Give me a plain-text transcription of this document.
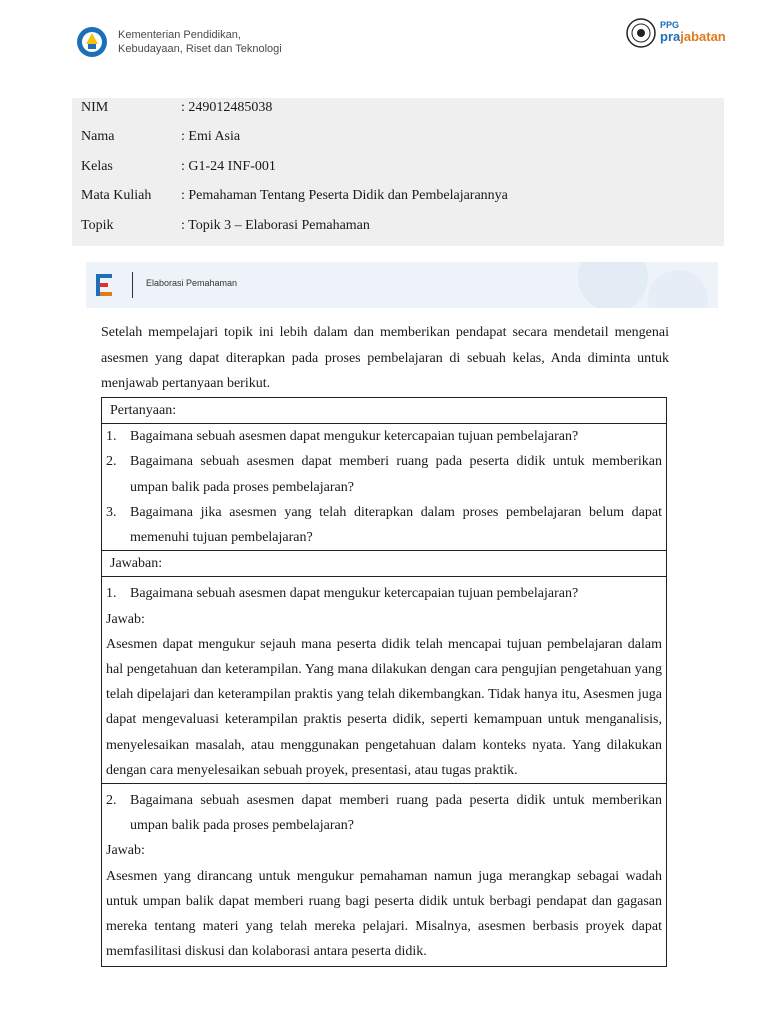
Kementerian Pendidikan,
Kebudayaan, Riset dan Teknologi
PPG
prajabatan
NIM	: 249012485038
Nama	: Emi Asia
Kelas	: G1-24 INF-001
Mata Kuliah : Pemahaman Tentang Peserta Didik dan Pembelajarannya
Topik	: Topik 3 – Elaborasi Pemahaman
Elaborasi Pemahaman

Setelah mempelajari topik ini lebih dalam dan memberikan pendapat secara mendetail mengenai asesmen yang dapat diterapkan pada proses pembelajaran di sebuah kelas, Anda diminta untuk menjawab pertanyaan berikut.

Pertanyaan:
1. Bagaimana sebuah asesmen dapat mengukur ketercapaian tujuan pembelajaran?
2. Bagaimana sebuah asesmen dapat memberi ruang pada peserta didik untuk memberikan umpan balik pada proses pembelajaran?
3. Bagaimana jika asesmen yang telah diterapkan dalam proses pembelajaran belum dapat memenuhi tujuan pembelajaran?
Jawaban:
1. Bagaimana sebuah asesmen dapat mengukur ketercapaian tujuan pembelajaran?
Jawab:

Asesmen dapat mengukur sejauh mana peserta didik telah mencapai tujuan pembelajaran dalam hal pengetahuan dan keterampilan. Yang mana dilakukan dengan cara pengujian pengetahuan yang telah dipelajari dan keterampilan praktis yang telah dikembangkan. Tidak hanya itu, Asesmen juga dapat mengevaluasi keterampilan praktis peserta didik, seperti kemampuan untuk menganalisis, menyelesaikan masalah, atau menggunakan pengetahuan dalam konteks nyata. Yang dilakukan dengan cara menyelesaikan sebuah proyek, presentasi, atau tugas praktik.

2. Bagaimana sebuah asesmen dapat memberi ruang pada peserta didik untuk memberikan umpan balik pada proses pembelajaran?
Jawab:

Asesmen yang dirancang untuk mengukur pemahaman namun juga merangkap sebagai wadah untuk umpan balik dapat memberi ruang bagi peserta didik untuk berbagi pendapat dan gagasan mereka tentang materi yang telah mereka pelajari. Misalnya, asesmen berbasis proyek dapat memfasilitasi diskusi dan kolaborasi antara peserta didik.
